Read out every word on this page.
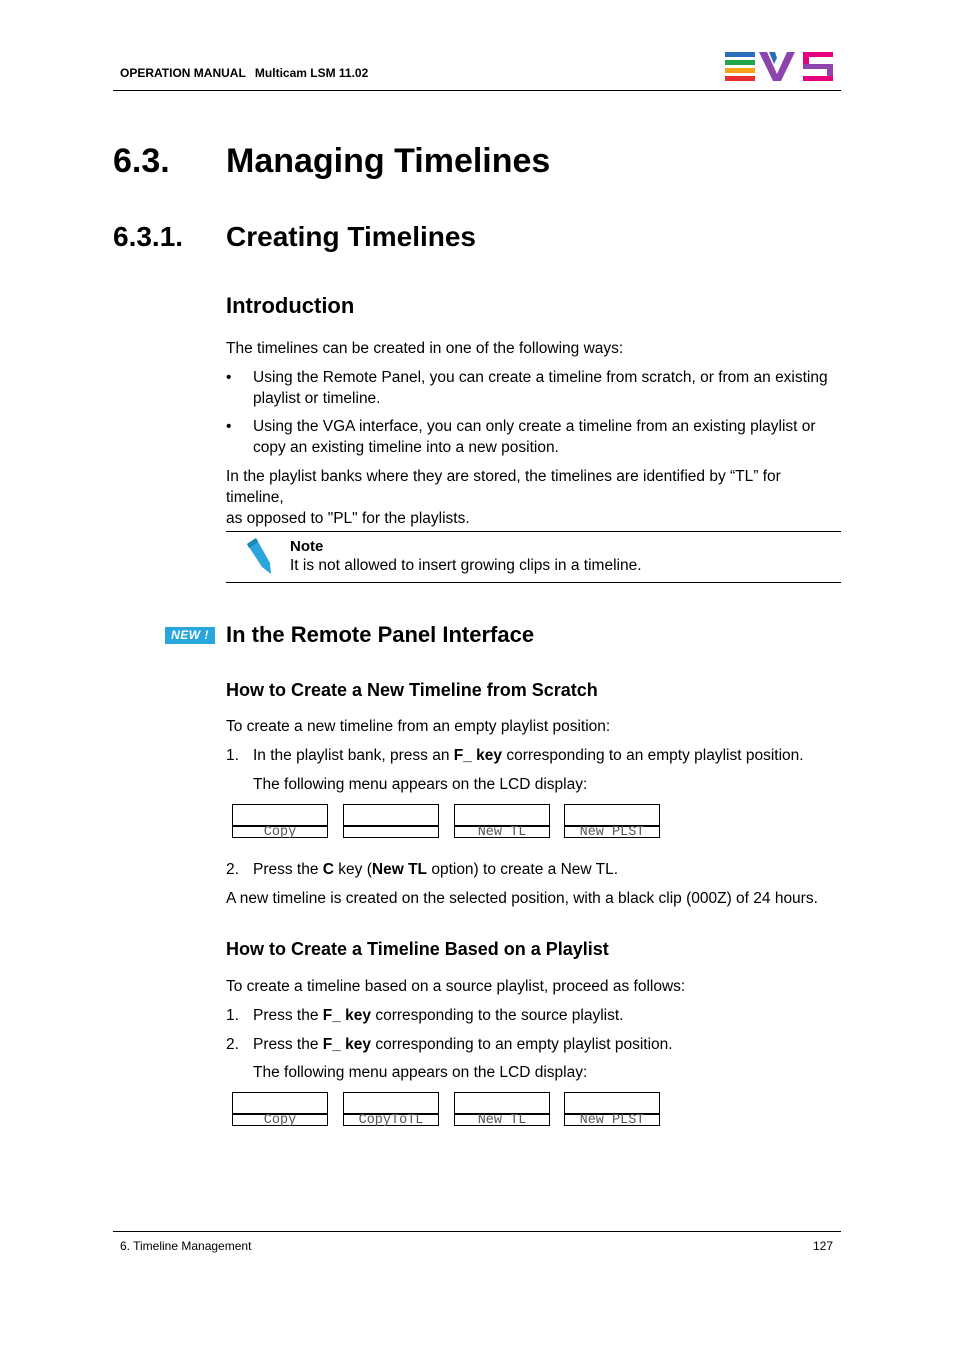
OPERATION MANUAL Multicam LSM 11.02
6.3. Managing Timelines
6.3.1. Creating Timelines
Introduction
The timelines can be created in one of the following ways:
• Using the Remote Panel, you can create a timeline from scratch, or from an existing
playlist or timeline.
• Using the VGA interface, you can only create a timeline from an existing playlist or
copy an existing timeline into a new position.
In the playlist banks where they are stored, the timelines are identified by “TL” for timeline,
as opposed to "PL" for the playlists.
Note
It is not allowed to insert growing clips in a timeline.
NEW ! In the Remote Panel Interface
How to Create a New Timeline from Scratch
To create a new timeline from an empty playlist position:
1. In the playlist bank, press an F_ key corresponding to an empty playlist position.
The following menu appears on the LCD display:
Copy	New TL	New PLST
2. Press the C key (New TL option) to create a New TL.
A new timeline is created on the selected position, with a black clip (000Z) of 24 hours.
How to Create a Timeline Based on a Playlist
To create a timeline based on a source playlist, proceed as follows:
1. Press the F_ key corresponding to the source playlist.
2. Press the F_ key corresponding to an empty playlist position.
The following menu appears on the LCD display:
Copy	CopyToTL	New TL	New PLST
6. Timeline Management	127
